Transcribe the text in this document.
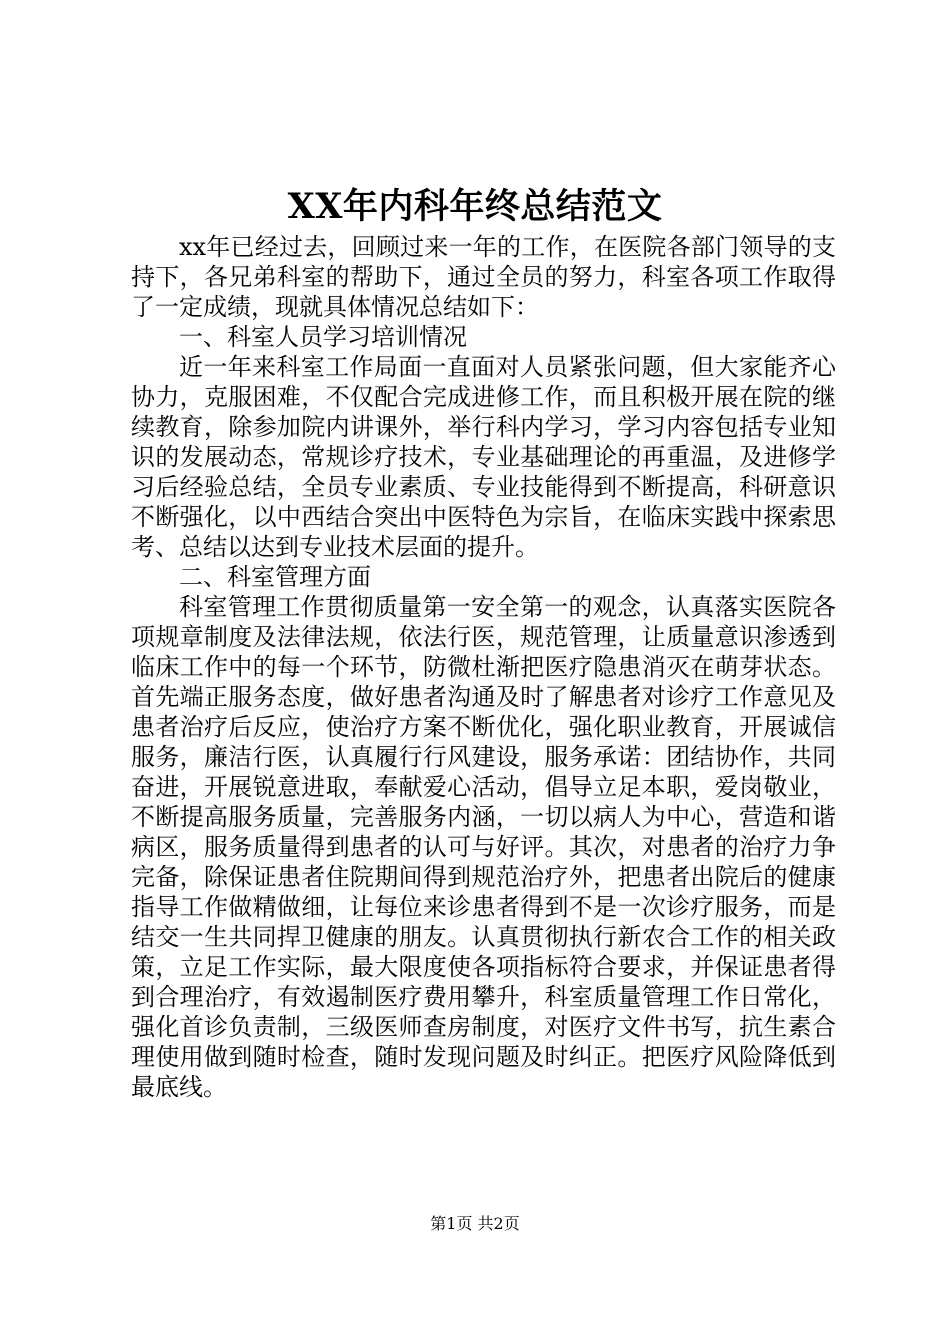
XX年内科年终总结范文

xx年已经过去，回顾过来一年的工作，在医院各部门领导的支持下，各兄弟科室的帮助下，通过全员的努力，科室各项工作取得了一定成绩，现就具体情况总结如下：

一、科室人员学习培训情况

近一年来科室工作局面一直面对人员紧张问题，但大家能齐心协力，克服困难，不仅配合完成进修工作，而且积极开展在院的继续教育，除参加院内讲课外，举行科内学习，学习内容包括专业知识的发展动态，常规诊疗技术，专业基础理论的再重温，及进修学习后经验总结，全员专业素质、专业技能得到不断提高，科研意识不断强化，以中西结合突出中医特色为宗旨，在临床实践中探索思考、总结以达到专业技术层面的提升。

二、科室管理方面

科室管理工作贯彻质量第一安全第一的观念，认真落实医院各项规章制度及法律法规，依法行医，规范管理，让质量意识渗透到临床工作中的每一个环节，防微杜渐把医疗隐患消灭在萌芽状态。首先端正服务态度，做好患者沟通及时了解患者对诊疗工作意见及患者治疗后反应，使治疗方案不断优化，强化职业教育，开展诚信服务，廉洁行医，认真履行行风建设，服务承诺：团结协作，共同奋进，开展锐意进取，奉献爱心活动，倡导立足本职，爱岗敬业，不断提高服务质量，完善服务内涵，一切以病人为中心，营造和谐病区，服务质量得到患者的认可与好评。其次，对患者的治疗力争完备，除保证患者住院期间得到规范治疗外，把患者出院后的健康指导工作做精做细，让每位来诊患者得到不是一次诊疗服务，而是结交一生共同捍卫健康的朋友。认真贯彻执行新农合工作的相关政策，立足工作实际，最大限度使各项指标符合要求，并保证患者得到合理治疗，有效遏制医疗费用攀升，科室质量管理工作日常化，强化首诊负责制，三级医师查房制度，对医疗文件书写，抗生素合理使用做到随时检查，随时发现问题及时纠正。把医疗风险降低到最底线。

第1页 共2页
